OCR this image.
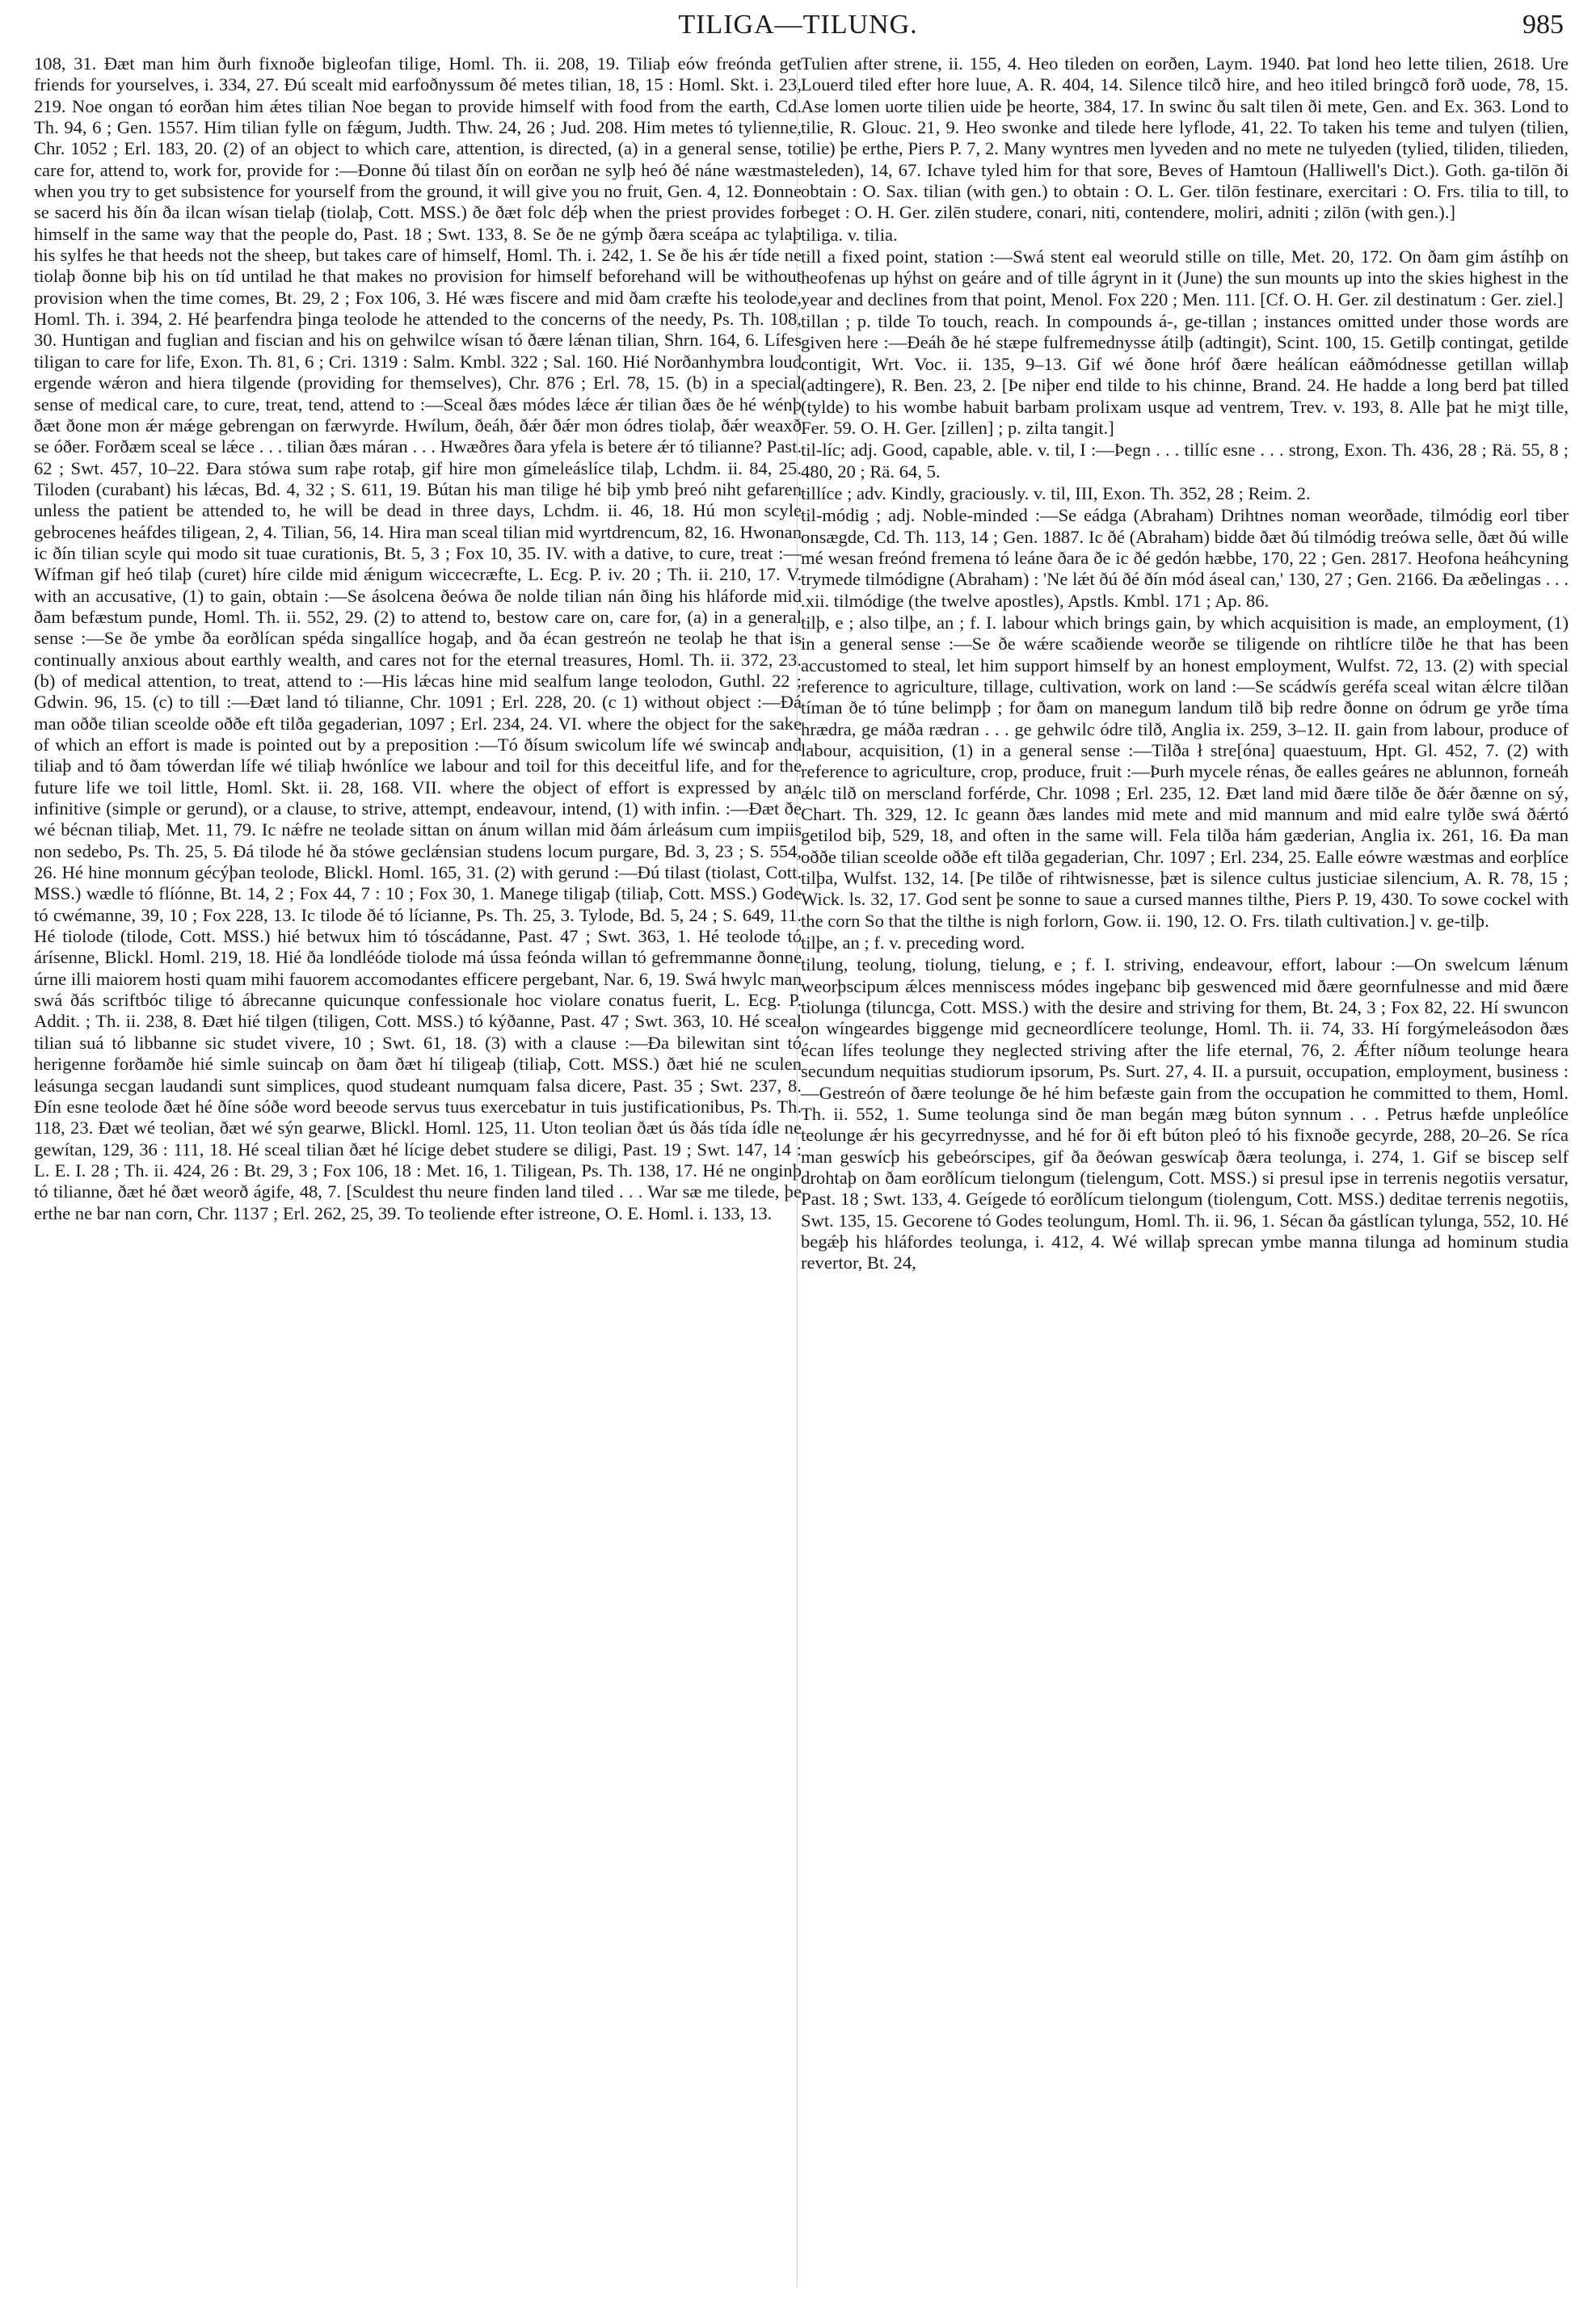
TILIGA—TILUNG.	985

108, 31. Ðæt man him ðurh fixnoðe bigleofan tilige, Homl. Th. ii. 208, 19. Tiliaþ eów freónda get friends for yourselves, i. 334, 27. Ðú scealt mid earfoðnyssum ðé metes tilian, 18, 15 : Homl. Skt. i. 23, 219. Noe ongan tó eorðan him ǽtes tilian Noe began to provide himself with food from the earth, Cd. Th. 94, 6 ; Gen. 1557. Him tilian fylle on fǽgum, Judth. Thw. 24, 26 ; Jud. 208. Him metes tó tylienne, Chr. 1052 ; Erl. 183, 20. (2) of an object to which care, attention, is directed, (a) in a general sense, to care for, attend to, work for, provide for :—Ðonne ðú tilast ðín on eorðan ne sylþ heó ðé náne wæstmas when you try to get subsistence for yourself from the ground, it will give you no fruit, Gen. 4, 12. Ðonne se sacerd his ðín ða ilcan wísan tielaþ (tiolaþ, Cott. MSS.) ðe ðæt folc déþ when the priest provides for himself in the same way that the people do, Past. 18 ; Swt. 133, 8. Se ðe ne gýmþ ðæra sceápa ac tylaþ his sylfes he that heeds not the sheep, but takes care of himself, Homl. Th. i. 242, 1. Se ðe his ǽr tíde ne tiolaþ ðonne biþ his on tíd untilad he that makes no provision for himself beforehand will be without provision when the time comes, Bt. 29, 2 ; Fox 106, 3. Hé wæs fiscere and mid ðam cræfte his teolode, Homl. Th. i. 394, 2. Hé þearfendra þinga teolode he attended to the concerns of the needy, Ps. Th. 108, 30. Huntigan and fuglian and fiscian and his on gehwilce wísan tó ðære lǽnan tilian, Shrn. 164, 6. Lífes tiligan to care for life, Exon. Th. 81, 6 ; Cri. 1319 : Salm. Kmbl. 322 ; Sal. 160. Hié Norðanhymbra loud ergende wǽron and hiera tilgende (providing for themselves), Chr. 876 ; Erl. 78, 15. (b) in a special sense of medical care, to cure, treat, tend, attend to :—Sceal ðæs módes lǽce ǽr tilian ðæs ðe hé wénþ ðæt ðone mon ǽr mǽge gebrengan on færwyrde. Hwílum, ðeáh, ðǽr ðǽr mon ódres tiolaþ, ðǽr weaxð se óðer. Forðæm sceal se lǽce . . . tilian ðæs máran . . . Hwæðres ðara yfela is betere ǽr tó tilianne? Past. 62 ; Swt. 457, 10–22. Ðara stówa sum raþe rotaþ, gif hire mon gímeleáslíce tilaþ, Lchdm. ii. 84, 25. Tiloden (curabant) his lǽcas, Bd. 4, 32 ; S. 611, 19. Bútan his man tilige hé biþ ymb þreó niht gefaren unless the patient be attended to, he will be dead in three days, Lchdm. ii. 46, 18. Hú mon scyle gebrocenes heáfdes tiligean, 2, 4. Tilian, 56, 14. Hira man sceal tilian mid wyrtdrencum, 82, 16. Hwonan ic ðín tilian scyle qui modo sit tuae curationis, Bt. 5, 3 ; Fox 10, 35. IV. with a dative, to cure, treat :—Wífman gif heó tilaþ (curet) híre cilde mid ǽnigum wiccecræfte, L. Ecg. P. iv. 20 ; Th. ii. 210, 17. V. with an accusative, (1) to gain, obtain :—Se ásolcena ðeówa ðe nolde tilian nán ðing his hláforde mid ðam befæstum punde, Homl. Th. ii. 552, 29. (2) to attend to, bestow care on, care for, (a) in a general sense :—Se ðe ymbe ða eorðlícan spéda singallíce hogaþ, and ða écan gestreón ne teolaþ he that is continually anxious about earthly wealth, and cares not for the eternal treasures, Homl. Th. ii. 372, 23. (b) of medical attention, to treat, attend to :—His lǽcas hine mid sealfum lange teolodon, Guthl. 22 ; Gdwin. 96, 15. (c) to till :—Ðæt land tó tilianne, Chr. 1091 ; Erl. 228, 20. (c 1) without object :—Ðá man oððe tilian sceolde oððe eft tilða gegaderian, 1097 ; Erl. 234, 24. VI. where the object for the sake of which an effort is made is pointed out by a preposition :—Tó ðísum swicolum lífe wé swincaþ and tiliaþ and tó ðam tówerdan lífe wé tiliaþ hwónlíce we labour and toil for this deceitful life, and for the future life we toil little, Homl. Skt. ii. 28, 168. VII. where the object of effort is expressed by an infinitive (simple or gerund), or a clause, to strive, attempt, endeavour, intend, (1) with infin. :—Ðæt ðe wé bécnan tiliaþ, Met. 11, 79. Ic nǽfre ne teolade sittan on ánum willan mid ðám árleásum cum impiis non sedebo, Ps. Th. 25, 5. Ðá tilode hé ða stówe geclǽnsian studens locum purgare, Bd. 3, 23 ; S. 554, 26. Hé hine monnum gécýþan teolode, Blickl. Homl. 165, 31. (2) with gerund :—Ðú tilast (tiolast, Cott. MSS.) wædle tó flíónne, Bt. 14, 2 ; Fox 44, 7 : 10 ; Fox 30, 1. Manege tiligaþ (tiliaþ, Cott. MSS.) Gode tó cwémanne, 39, 10 ; Fox 228, 13. Ic tilode ðé tó lícianne, Ps. Th. 25, 3. Tylode, Bd. 5, 24 ; S. 649, 11. Hé tiolode (tilode, Cott. MSS.) hié betwux him tó tóscádanne, Past. 47 ; Swt. 363, 1. Hé teolode tó árísenne, Blickl. Homl. 219, 18. Hié ða londléóde tiolode má ússa feónda willan tó gefremmanne ðonne úrne illi maiorem hosti quam mihi fauorem accomodantes efficere pergebant, Nar. 6, 19. Swá hwylc man swá ðás scriftbóc tilige tó ábrecanne quicunque confessionale hoc violare conatus fuerit, L. Ecg. P. Addit. ; Th. ii. 238, 8. Ðæt hié tilgen (tiligen, Cott. MSS.) tó kýðanne, Past. 47 ; Swt. 363, 10. Hé sceal tilian suá tó libbanne sic studet vivere, 10 ; Swt. 61, 18. (3) with a clause :—Ða bilewitan sint tó herigenne forðamðe hié simle suincaþ on ðam ðæt hí tiligeaþ (tiliaþ, Cott. MSS.) ðæt hié ne sculen leásunga secgan laudandi sunt simplices, quod studeant numquam falsa dicere, Past. 35 ; Swt. 237, 8. Ðín esne teolode ðæt hé ðíne sóðe word beeode servus tuus exercebatur in tuis justificationibus, Ps. Th. 118, 23. Ðæt wé teolian, ðæt wé sýn gearwe, Blickl. Homl. 125, 11. Uton teolian ðæt ús ðás tída ídle ne gewítan, 129, 36 : 111, 18. Hé sceal tilian ðæt hé lícige debet studere se diligi, Past. 19 ; Swt. 147, 14 : L. E. I. 28 ; Th. ii. 424, 26 : Bt. 29, 3 ; Fox 106, 18 : Met. 16, 1. Tiligean, Ps. Th. 138, 17. Hé ne onginþ tó tilianne, ðæt hé ðæt weorð ágife, 48, 7. [Sculdest thu neure finden land tiled . . . War sæ me tilede, þe erthe ne bar nan corn, Chr. 1137 ; Erl. 262, 25, 39. To teoliende efter istreone, O. E. Homl. i. 133, 13.

Tulien after strene, ii. 155, 4. Heo tileden on eorðen, Laym. 1940. Þat lond heo lette tilien, 2618. Ure Louerd tiled efter hore luue, A. R. 404, 14. Silence tilcð hire, and heo itiled bringcð forð uode, 78, 15. Ase lomen uorte tilien uide þe heorte, 384, 17. In swinc ðu salt tilen ði mete, Gen. and Ex. 363. Lond to tilie, R. Glouc. 21, 9. Heo swonke and tilede here lyflode, 41, 22. To taken his teme and tulyen (tilien, tilie) þe erthe, Piers P. 7, 2. Many wyntres men lyveden and no mete ne tulyeden (tylied, tiliden, tilieden, teleden), 14, 67. Ichave tyled him for that sore, Beves of Hamtoun (Halliwell's Dict.). Goth. ga-tilōn ði obtain : O. Sax. tilian (with gen.) to obtain : O. L. Ger. tilōn festinare, exercitari : O. Frs. tilia to till, to beget : O. H. Ger. zilēn studere, conari, niti, contendere, moliri, adniti ; zilōn (with gen.).]

tiliga. v. tilia.

till a fixed point, station :—Swá stent eal weoruld stille on tille, Met. 20, 172. On ðam gim ástíhþ on heofenas up hýhst on geáre and of tille ágrynt in it (June) the sun mounts up into the skies highest in the year and declines from that point, Menol. Fox 220 ; Men. 111. [Cf. O. H. Ger. zil destinatum : Ger. ziel.]

tillan ; p. tilde To touch, reach. In compounds á-, ge-tillan ; instances omitted under those words are given here :—Ðeáh ðe hé stæpe fulfremednysse átilþ (adtingit), Scint. 100, 15. Getilþ contingat, getilde contigit, Wrt. Voc. ii. 135, 9–13. Gif wé ðone hróf ðære heálícan eáðmódnesse getillan willaþ (adtingere), R. Ben. 23, 2. [Þe niþer end tilde to his chinne, Brand. 24. He hadde a long berd þat tilled (tylde) to his wombe habuit barbam prolixam usque ad ventrem, Trev. v. 193, 8. Alle þat he miȝt tille, Fer. 59. O. H. Ger. [zillen] ; p. zilta tangit.]

til-líc; adj. Good, capable, able. v. til, I :—Þegn . . . tillíc esne . . . strong, Exon. Th. 436, 28 ; Rä. 55, 8 ; 480, 20 ; Rä. 64, 5.

tillíce ; adv. Kindly, graciously. v. til, III, Exon. Th. 352, 28 ; Reim. 2.

til-módig ; adj. Noble-minded :—Se eádga (Abraham) Drihtnes noman weorðade, tilmódig eorl tiber onsægde, Cd. Th. 113, 14 ; Gen. 1887. Ic ðé (Abraham) bidde ðæt ðú tilmódig treówa selle, ðæt ðú wille mé wesan freónd fremena tó leáne ðara ðe ic ðé gedón hæbbe, 170, 22 ; Gen. 2817. Heofona heáhcyning trymede tilmódigne (Abraham) : 'Ne lǽt ðú ðé ðín mód áseal can,' 130, 27 ; Gen. 2166. Ða æðelingas . . . .xii. tilmódige (the twelve apostles), Apstls. Kmbl. 171 ; Ap. 86.

tilþ, e ; also tilþe, an ; f. I. labour which brings gain, by which acquisition is made, an employment, (1) in a general sense :—Se ðe wǽre scaðiende weorðe se tiligende on rihtlícre tilðe he that has been accustomed to steal, let him support himself by an honest employment, Wulfst. 72, 13. (2) with special reference to agriculture, tillage, cultivation, work on land :—Se scádwís geréfa sceal witan ǽlcre tilðan tíman ðe tó túne belimpþ ; for ðam on manegum landum tilð biþ redre ðonne on ódrum ge yrðe tíma hrædra, ge máða rædran . . . ge gehwilc ódre tilð, Anglia ix. 259, 3–12. II. gain from labour, produce of labour, acquisition, (1) in a general sense :—Tilða ł stre[óna] quaestuum, Hpt. Gl. 452, 7. (2) with reference to agriculture, crop, produce, fruit :—Þurh mycele rénas, ðe ealles geáres ne ablunnon, forneáh ǽlc tilð on merscland forférde, Chr. 1098 ; Erl. 235, 12. Ðæt land mid ðære tilðe ðe ðǽr ðænne on sý, Chart. Th. 329, 12. Ic geann ðæs landes mid mete and mid mannum and mid ealre tylðe swá ðǽrtó getilod biþ, 529, 18, and often in the same will. Fela tilða hám gæderian, Anglia ix. 261, 16. Ða man oððe tilian sceolde oððe eft tilða gegaderian, Chr. 1097 ; Erl. 234, 25. Ealle eówre wæstmas and eorþlíce tilþa, Wulfst. 132, 14. [Þe tilðe of rihtwisnesse, þæt is silence cultus justiciae silencium, A. R. 78, 15 ; Wick. ls. 32, 17. God sent þe sonne to saue a cursed mannes tilthe, Piers P. 19, 430. To sowe cockel with the corn So that the tilthe is nigh forlorn, Gow. ii. 190, 12. O. Frs. tilath cultivation.] v. ge-tilþ.

tilþe, an ; f. v. preceding word.

tilung, teolung, tiolung, tielung, e ; f. I. striving, endeavour, effort, labour :—On swelcum lǽnum weorþscipum ǽlces menniscess módes ingeþanc biþ geswenced mid ðære geornfulnesse and mid ðære tiolunga (tiluncga, Cott. MSS.) with the desire and striving for them, Bt. 24, 3 ; Fox 82, 22. Hí swuncon on wíngeardes biggenge mid gecneordlícere teolunge, Homl. Th. ii. 74, 33. Hí forgýmeleásodon ðæs écan lífes teolunge they neglected striving after the life eternal, 76, 2. Ǽfter níðum teolunge heara secundum nequitias studiorum ipsorum, Ps. Surt. 27, 4. II. a pursuit, occupation, employment, business :—Gestreón of ðære teolunge ðe hé him befæste gain from the occupation he committed to them, Homl. Th. ii. 552, 1. Sume teolunga sind ðe man begán mæg búton synnum . . . Petrus hæfde unpleólíce teolunge ǽr his gecyrrednysse, and hé for ði eft búton pleó tó his fixnoðe gecyrde, 288, 20–26. Se ríca man geswícþ his gebeórscipes, gif ða ðeówan geswícaþ ðæra teolunga, i. 274, 1. Gif se biscep self drohtaþ on ðam eorðlícum tielongum (tielengum, Cott. MSS.) si presul ipse in terrenis negotiis versatur, Past. 18 ; Swt. 133, 4. Geígede tó eorðlícum tielongum (tiolengum, Cott. MSS.) deditae terrenis negotiis, Swt. 135, 15. Gecorene tó Godes teolungum, Homl. Th. ii. 96, 1. Sécan ða gástlícan tylunga, 552, 10. Hé begǽþ his hláfordes teolunga, i. 412, 4. Wé willaþ sprecan ymbe manna tilunga ad hominum studia revertor, Bt. 24,
